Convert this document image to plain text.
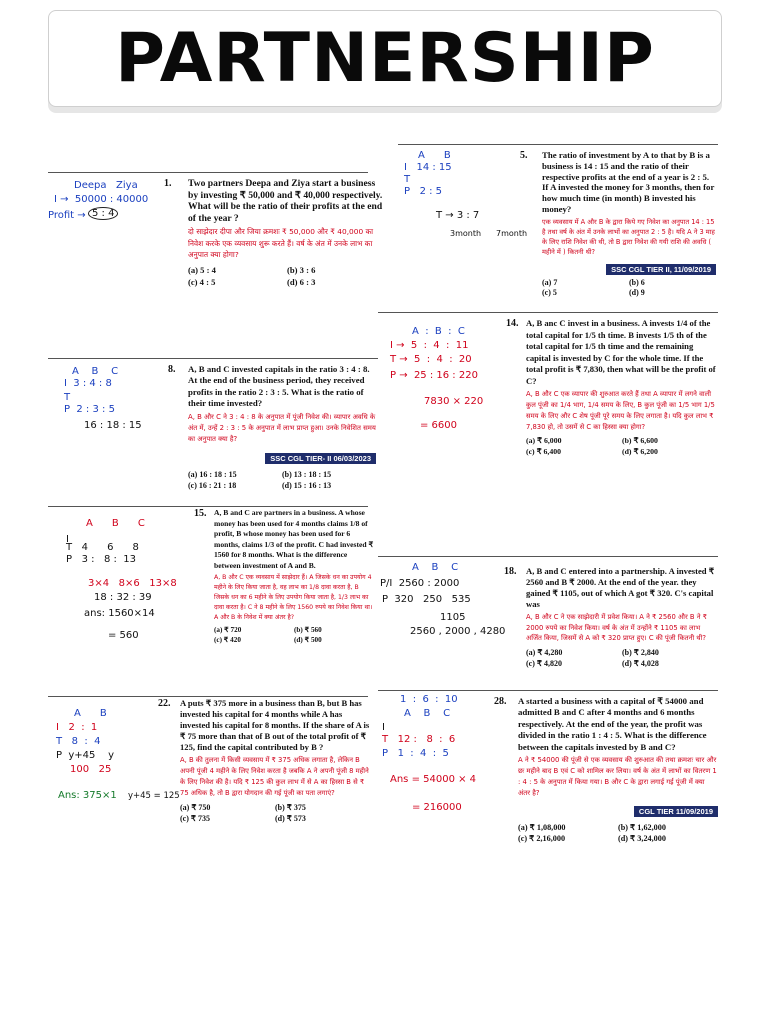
PARTNERSHIP
Deepa   Ziya
I →  50000 : 40000
Profit → 5 : 4
1. Two partners Deepa and Ziya start a business by investing ₹ 50,000 and ₹ 40,000 respectively. What will be the ratio of their profits at the end of the year ?
दो साझेदार दीपा और जिया क्रमशः ₹ 50,000 और ₹ 40,000 का निवेश करके एक व्यवसाय शुरू करते हैं। वर्ष के अंत में उनके लाभ का अनुपात क्या होगा?
(a) 5 : 4	(b) 3 : 6
(c) 4 : 5	(d) 6 : 3
A      B
I   14 : 15
T
P   2 : 5
T → 3 : 7
3month 7month
5. The ratio of investment by A to that by B is a business is 14 : 15 and the ratio of their respective profits at the end of a year is 2 : 5. If A invested the money for 3 months, then for how much time (in month) B invested his money?
एक व्यवसाय में A और B के द्वारा किये गए निवेश का अनुपात 14 : 15 है तथा वर्ष के अंत में उनके लाभों का अनुपात 2 : 5 है। यदि A ने 3 माह के लिए राशि निवेश की थी, तो B द्वारा निवेश की गयी राशि की अवधि ( महीने में ) कितनी थी?
SSC CGL TIER II, 11/09/2019
(a) 7	(b) 6
(c) 5	(d) 9
A  :  B  :  C
I →  5  :  4  :  11
T →  5  :  4  :  20
P →  25 : 16 : 220
7830 × 220
= 6600
14. A, B anc C invest in a business. A invests 1/4 of the total capital for 1/5 th time. B invests 1/5 th of the total capital for 1/5 th time and the remaining capital is invested by C for the whole time. If the total profit is ₹ 7,830, then what will be the profit of C?
A, B और C एक व्यापार की शुरुआत करते हैं तथा A व्यापार में लगने वाली कुल पूंजी का 1/4 भाग, 1/4 समय के लिए, B कुल पूंजी का 1/5 भाग 1/5 समय के लिए और C शेष पूंजी पूरे समय के लिए लगाता है। यदि कुल लाभ ₹ 7,830 हो, तो उसमें से C का हिस्सा क्या होगा?
(a) ₹ 6,000	(b) ₹ 6,600
(c) ₹ 6,400	(d) ₹ 6,200
A    B    C
I  3 : 4 : 8
T
P  2 : 3 : 5
16 : 18 : 15
8. A, B and C invested capitals in the ratio 3 : 4 : 8. At the end of the business period, they received profits in the ratio 2 : 3 : 5. What is the ratio of their time invested?
A, B और C ने 3 : 4 : 8 के अनुपात में पूंजी निवेश की। व्यापार अवधि के अंत में, उन्हें 2 : 3 : 5 के अनुपात में लाभ प्राप्त हुआ। उनके निवेशित समय का अनुपात क्या है?
SSC CGL TIER- II 06/03/2023
(a) 16 : 18 : 15	(b) 13 : 18 : 15
(c) 16 : 21 : 18	(d) 15 : 16 : 13
A      B      C
I
T   4      6      8
P   3 :   8 :  13
3×4   8×6   13×8
18 : 32 : 39
ans: 1560×14
= 560
15. A, B and C are partners in a business. A whose money has been used for 4 months claims 1/8 of profit, B whose money has been used for 6 months, claims 1/3 of the profit. C had invested ₹ 1560 for 8 months. What is the difference between investment of A and B.
A, B और C एक व्यवसाय में साझेदार हैं। A जिसके धन का उपयोग 4 महीने के लिए किया जाता है, वह लाभ का 1/8 दावा करता है, B जिसके धन का 6 महीने के लिए उपयोग किया जाता है, 1/3 लाभ का दावा करता है। C ने 8 महीने के लिए 1560 रुपये का निवेश किया था। A और B के निवेश में क्या अंतर है?
(a) ₹ 720	(b) ₹ 560
(c) ₹ 420	(d) ₹ 500
A    B    C
P/I  2560 : 2000
P  320   250   535
1105
2560 , 2000 , 4280
18. A, B and C entered into a partnership. A invested ₹ 2560 and B ₹ 2000. At the end of the year. they gained ₹ 1105, out of which A got ₹ 320. C's capital was
A, B और C ने एक साझेदारी में प्रवेश किया। A ने ₹ 2560 और B ने ₹ 2000 रुपये का निवेश किया। वर्ष के अंत में उन्होंने ₹ 1105 का लाभ अर्जित किया, जिसमें से A को ₹ 320 प्राप्त हुए। C की पूंजी कितनी थी?
(a) ₹ 4,280	(b) ₹ 2,840
(c) ₹ 4,820	(d) ₹ 4,028
A      B
I   2  :  1
T   8  :  4
P  y+45    y
100   25
Ans: 375×1 y+45 = 125
22. A puts ₹ 375 more in a business than B, but B has invested his capital for 4 months while A has invested his capital for 8 months. If the share of A is ₹ 75 more than that of B out of the total profit of ₹ 125, find the capital contributed by B ?
A, B की तुलना में किसी व्यवसाय में ₹ 375 अधिक लगाता है, लेकिन B अपनी पूंजी 4 महीने के लिए निवेश करता है जबकि A ने अपनी पूंजी 8 महीने के लिए निवेश की है। यदि ₹ 125 की कुल लाभ में से A का हिस्सा B से ₹ 75 अधिक है, तो B द्वारा योगदान की गई पूंजी का पता लगाएं?
(a) ₹ 750	(b) ₹ 375
(c) ₹ 735	(d) ₹ 573
1  :  6  :  10
A    B    C
I
T   12 :   8  :  6
P   1  :  4  :  5
Ans = 54000 × 4
= 216000
28. A started a business with a capital of ₹ 54000 and admitted B and C after 4 months and 6 months respectively. At the end of the year, the profit was divided in the ratio 1 : 4 : 5. What is the difference between the capitals invested by B and C?
A ने ₹ 54000 की पूंजी से एक व्यवसाय की शुरुआत की तथा क्रमशः चार और छः महीने बाद B एवं C को शामिल कर लिया। वर्ष के अंत में लाभों का वितरण 1 : 4 : 5 के अनुपात में किया गया। B और C के द्वारा लगाई गई पूंजी में क्या अंतर है?
CGL TIER 11/09/2019
(a) ₹ 1,08,000	(b) ₹ 1,62,000
(c) ₹ 2,16,000	(d) ₹ 3,24,000
